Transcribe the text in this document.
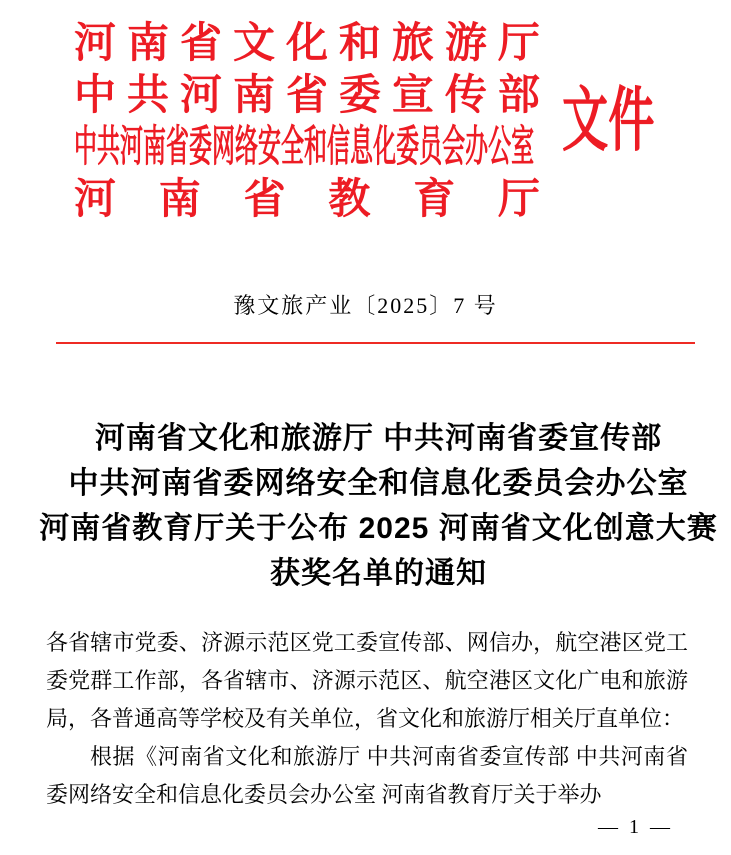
河 南 省 文 化 和 旅 游 厅
中 共 河 南 省 委 宣 传 部
中共河南省委网络安全和信息化委员会办公室
河 南 省 教 育 厅
文件
豫文旅产业〔2025〕7 号
河南省文化和旅游厅 中共河南省委宣传部
中共河南省委网络安全和信息化委员会办公室
河南省教育厅关于公布 2025 河南省文化创意大赛
获奖名单的通知

各省辖市党委、济源示范区党工委宣传部、网信办，航空港区党工委党群工作部，各省辖市、济源示范区、航空港区文化广电和旅游局，各普通高等学校及有关单位，省文化和旅游厅相关厅直单位：

根据《河南省文化和旅游厅 中共河南省委宣传部 中共河南省委网络安全和信息化委员会办公室 河南省教育厅关于举办

— 1 —
